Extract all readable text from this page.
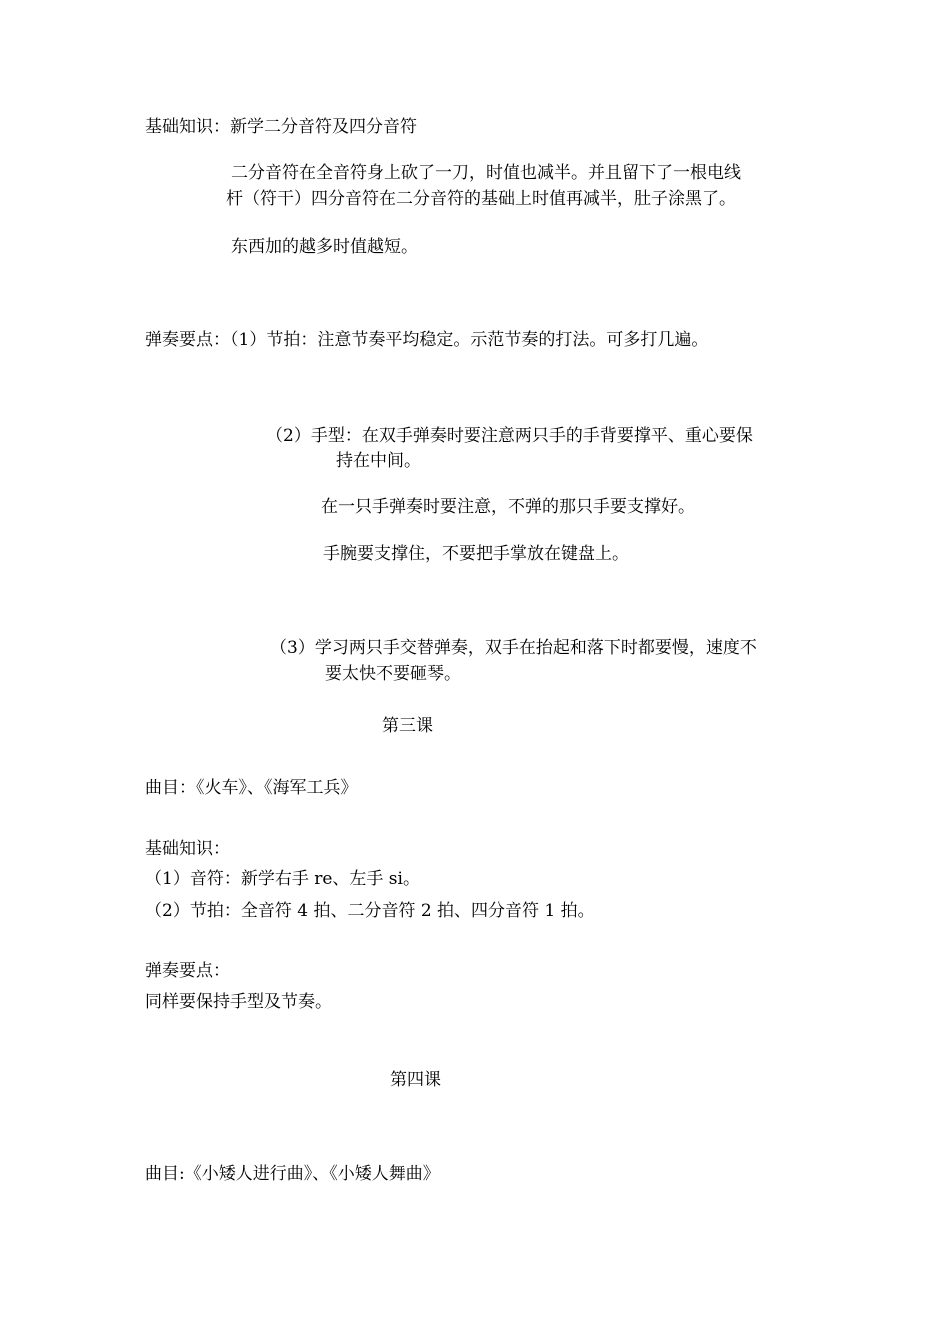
基础知识：新学二分音符及四分音符

二分音符在全音符身上砍了一刀，时值也减半。并且留下了一根电线

杆（符干）四分音符在二分音符的基础上时值再减半，肚子涂黑了。

东西加的越多时值越短。

弹奏要点：（1）节拍：注意节奏平均稳定。示范节奏的打法。可多打几遍。

（2）手型：在双手弹奏时要注意两只手的手背要撑平、重心要保

持在中间。

在一只手弹奏时要注意，不弹的那只手要支撑好。

手腕要支撑住，不要把手掌放在键盘上。

（3）学习两只手交替弹奏，双手在抬起和落下时都要慢，速度不

要太快不要砸琴。

第三课

曲目：《火车》、《海军工兵》

基础知识：

（1）音符：新学右手 re、左手 si。

（2）节拍：全音符 4 拍、二分音符 2 拍、四分音符 1 拍。

弹奏要点：

同样要保持手型及节奏。

第四课

曲目:《小矮人进行曲》、《小矮人舞曲》
